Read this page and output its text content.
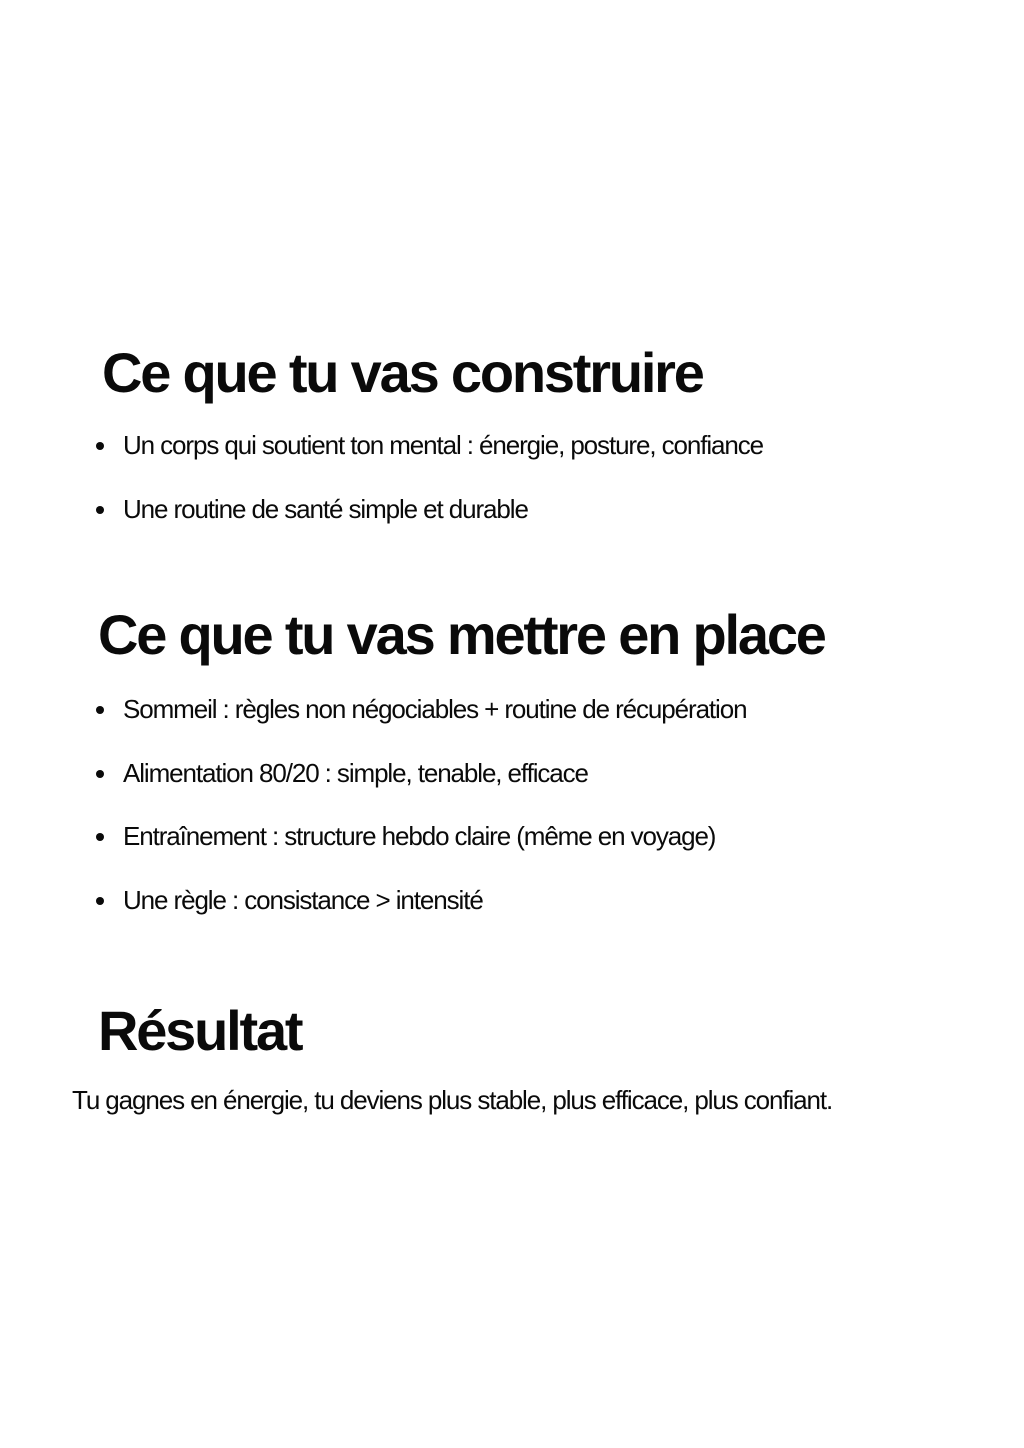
Ce que tu vas construire
Un corps qui soutient ton mental : énergie, posture, confiance
Une routine de santé simple et durable
Ce que tu vas mettre en place
Sommeil : règles non négociables + routine de récupération
Alimentation 80/20 : simple, tenable, efficace
Entraînement : structure hebdo claire (même en voyage)
Une règle : consistance > intensité
Résultat

Tu gagnes en énergie, tu deviens plus stable, plus efficace, plus confiant.
